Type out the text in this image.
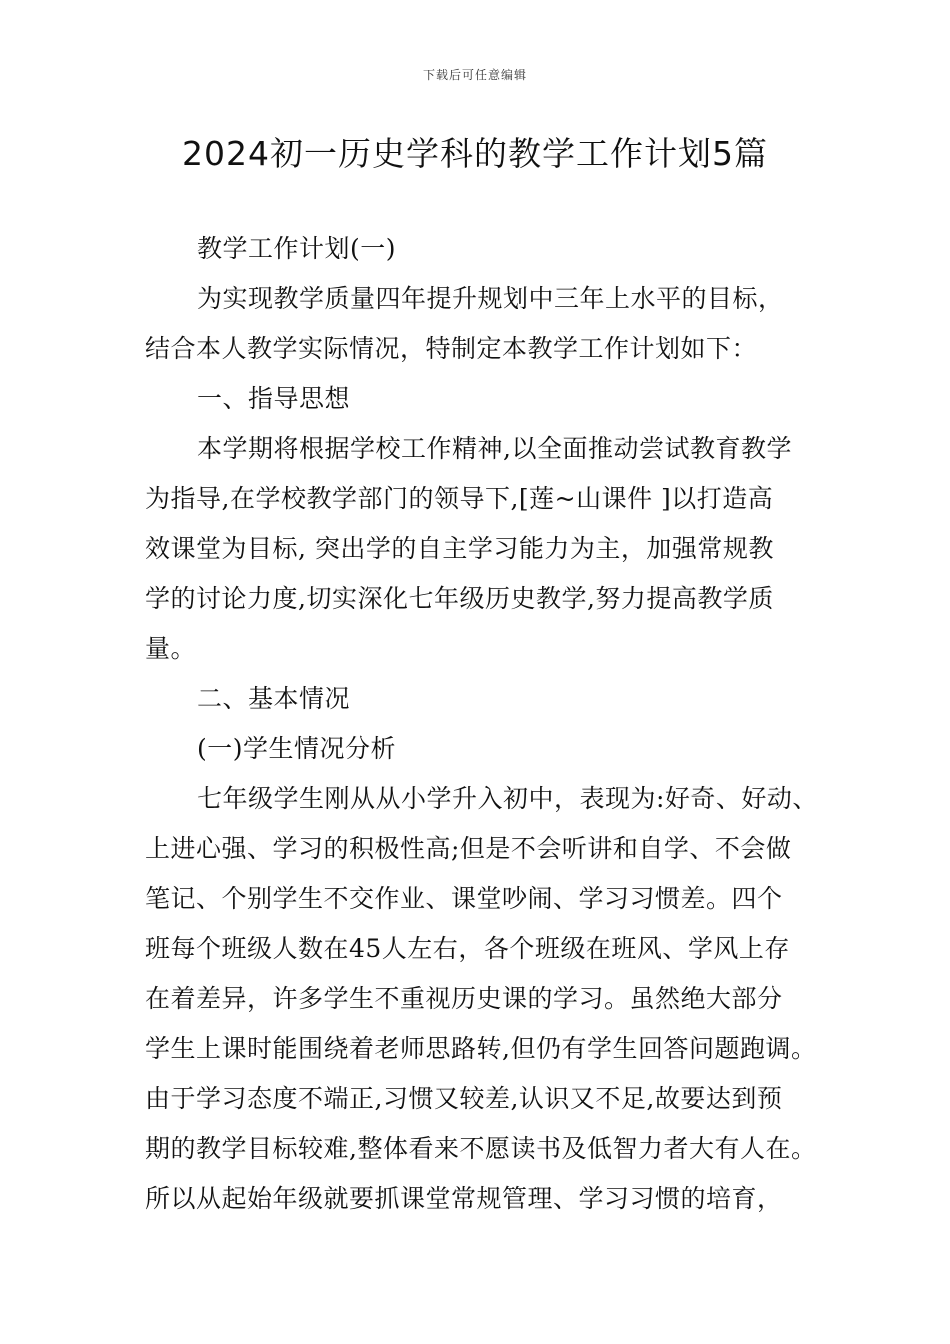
下载后可任意编辑
2024初一历史学科的教学工作计划5篇
教学工作计划(一)
为实现教学质量四年提升规划中三年上水平的目标，
结合本人教学实际情况，特制定本教学工作计划如下：
一、指导思想
本学期将根据学校工作精神,以全面推动尝试教育教学
为指导,在学校教学部门的领导下,[莲~山课件 ]以打造高
效课堂为目标, 突出学的自主学习能力为主，加强常规教
学的讨论力度,切实深化七年级历史教学,努力提高教学质
量。
二、基本情况
(一)学生情况分析
七年级学生刚从从小学升入初中，表现为:好奇、好动、
上进心强、学习的积极性高;但是不会听讲和自学、不会做
笔记、个别学生不交作业、课堂吵闹、学习习惯差。四个
班每个班级人数在45人左右，各个班级在班风、学风上存
在着差异，许多学生不重视历史课的学习。虽然绝大部分
学生上课时能围绕着老师思路转,但仍有学生回答问题跑调。
由于学习态度不端正,习惯又较差,认识又不足,故要达到预
期的教学目标较难,整体看来不愿读书及低智力者大有人在。
所以从起始年级就要抓课堂常规管理、学习习惯的培育，
